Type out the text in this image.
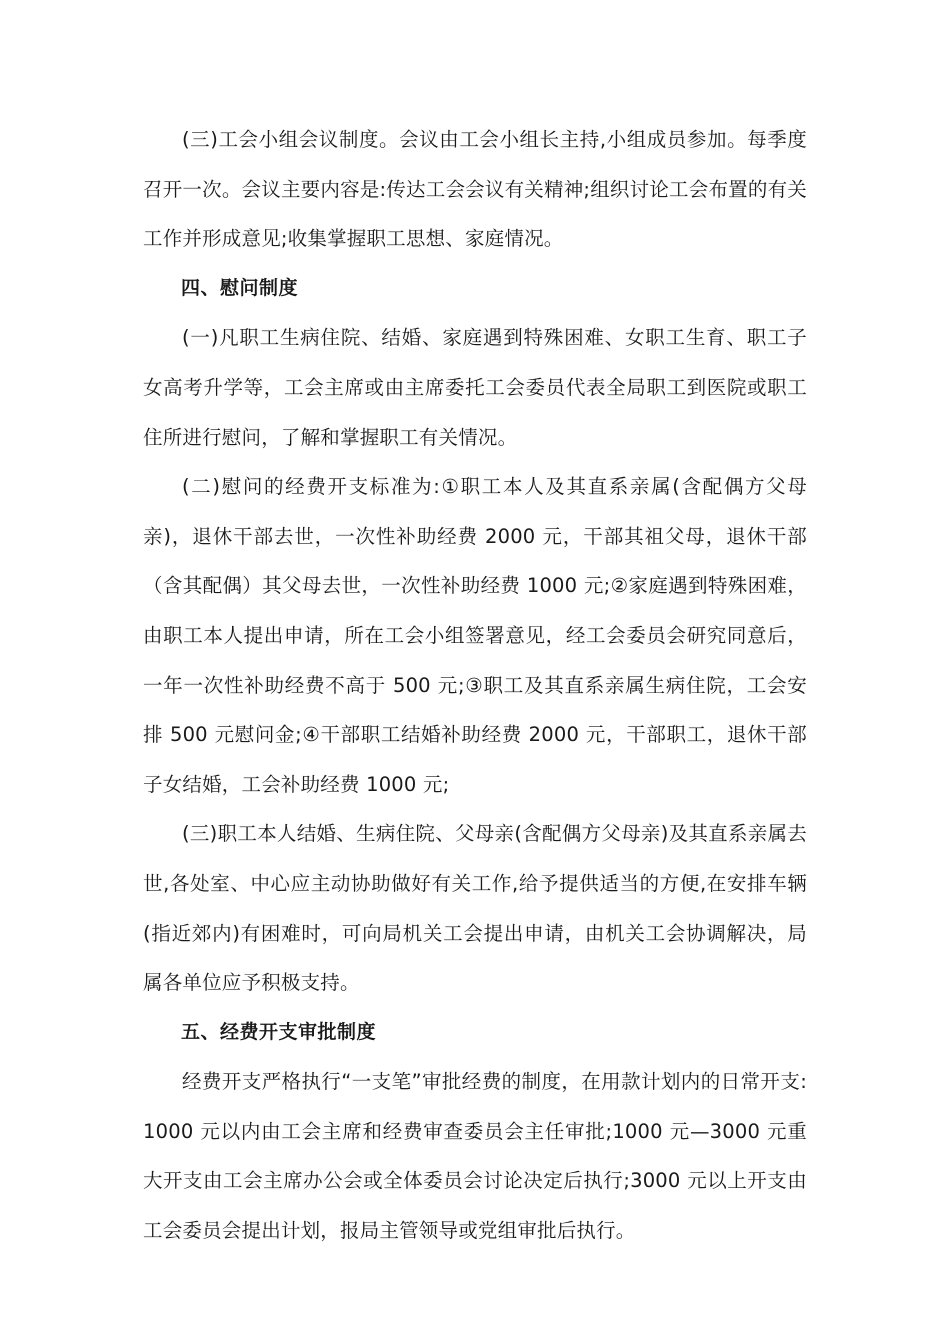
(三)工会小组会议制度。会议由工会小组长主持,小组成员参加。每季度召开一次。会议主要内容是:传达工会会议有关精神;组织讨论工会布置的有关工作并形成意见;收集掌握职工思想、家庭情况。

四、慰问制度

(一)凡职工生病住院、结婚、家庭遇到特殊困难、女职工生育、职工子女高考升学等，工会主席或由主席委托工会委员代表全局职工到医院或职工住所进行慰问，了解和掌握职工有关情况。

(二)慰问的经费开支标准为:①职工本人及其直系亲属(含配偶方父母亲)，退休干部去世，一次性补助经费 2000 元，干部其祖父母，退休干部（含其配偶）其父母去世，一次性补助经费 1000 元;②家庭遇到特殊困难，由职工本人提出申请，所在工会小组签署意见，经工会委员会研究同意后，一年一次性补助经费不高于 500 元;③职工及其直系亲属生病住院，工会安排 500 元慰问金;④干部职工结婚补助经费 2000 元，干部职工，退休干部子女结婚，工会补助经费 1000 元;

(三)职工本人结婚、生病住院、父母亲(含配偶方父母亲)及其直系亲属去世,各处室、中心应主动协助做好有关工作,给予提供适当的方便,在安排车辆(指近郊内)有困难时，可向局机关工会提出申请，由机关工会协调解决，局属各单位应予积极支持。

五、经费开支审批制度

经费开支严格执行“一支笔”审批经费的制度，在用款计划内的日常开支:1000 元以内由工会主席和经费审查委员会主任审批;1000 元—3000 元重大开支由工会主席办公会或全体委员会讨论决定后执行;3000 元以上开支由工会委员会提出计划，报局主管领导或党组审批后执行。
